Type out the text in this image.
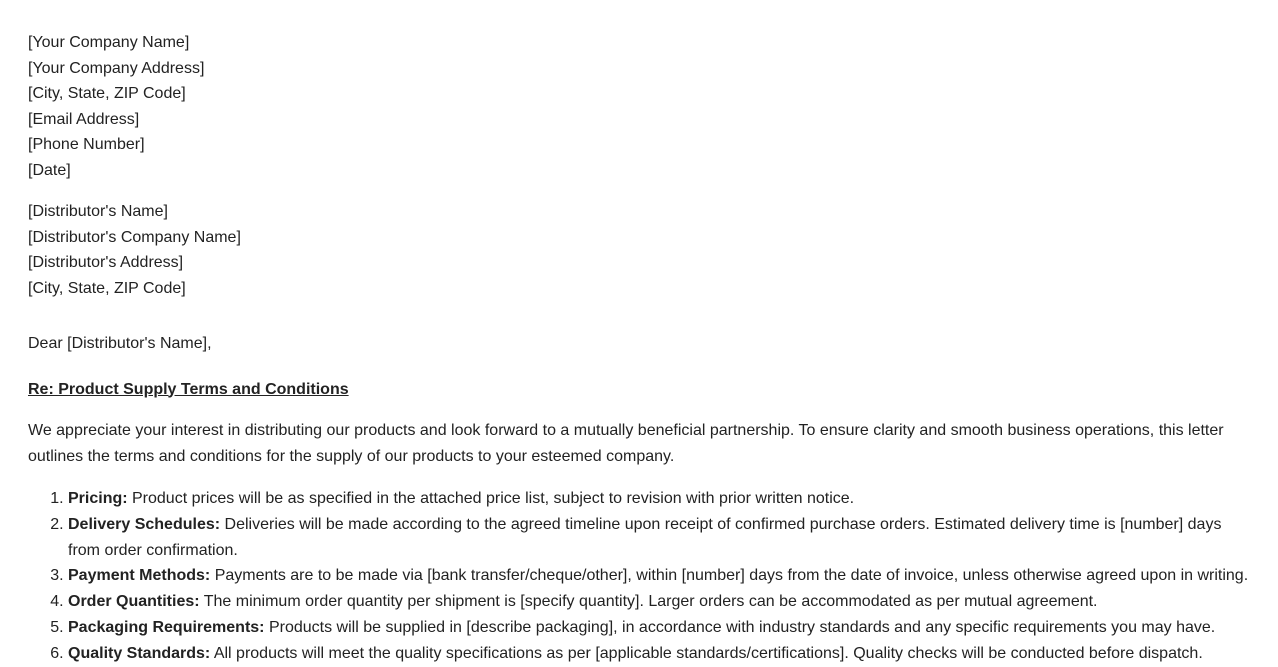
[Your Company Name]

[Your Company Address]

[City, State, ZIP Code]

[Email Address]

[Phone Number]

[Date]

[Distributor's Name]

[Distributor's Company Name]

[Distributor's Address]

[City, State, ZIP Code]

Dear [Distributor's Name],

Re: Product Supply Terms and Conditions

We appreciate your interest in distributing our products and look forward to a mutually beneficial partnership. To ensure clarity and smooth business operations, this letter outlines the terms and conditions for the supply of our products to your esteemed company.

1. Pricing: Product prices will be as specified in the attached price list, subject to revision with prior written notice.
2. Delivery Schedules: Deliveries will be made according to the agreed timeline upon receipt of confirmed purchase orders. Estimated delivery time is [number] days from order confirmation.
3. Payment Methods: Payments are to be made via [bank transfer/cheque/other], within [number] days from the date of invoice, unless otherwise agreed upon in writing.
4. Order Quantities: The minimum order quantity per shipment is [specify quantity]. Larger orders can be accommodated as per mutual agreement.
5. Packaging Requirements: Products will be supplied in [describe packaging], in accordance with industry standards and any specific requirements you may have.
6. Quality Standards: All products will meet the quality specifications as per [applicable standards/certifications]. Quality checks will be conducted before dispatch.
